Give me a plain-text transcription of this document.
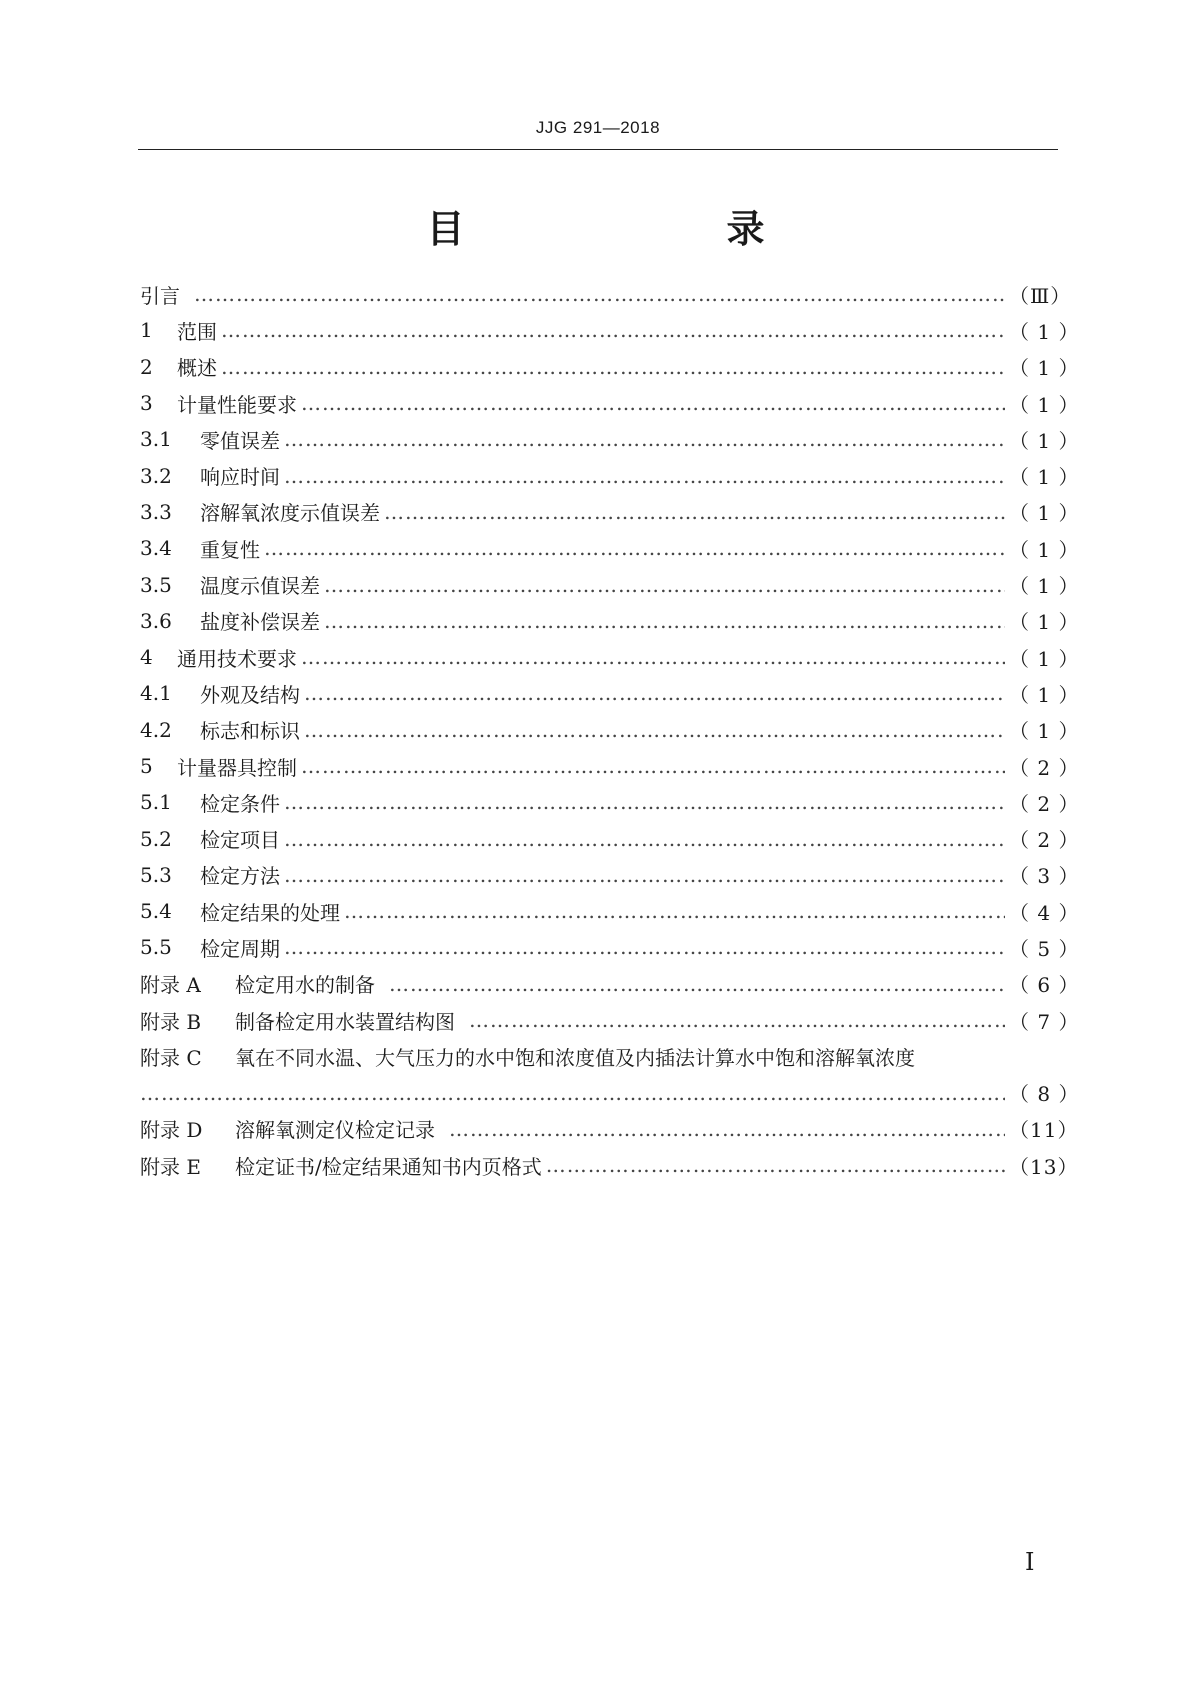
JJG 291—2018
目　　录
引言 ……………………………………………………………………………………………………………………………………………………………………………………………………………………	（Ⅲ）
1	范围 ……………………………………………………………………………………………………………………………………………………………………………………………………………………	（ 1 ）
2	概述 ……………………………………………………………………………………………………………………………………………………………………………………………………………………	（ 1 ）
3	计量性能要求 ……………………………………………………………………………………………………………………………………………………………………………………………………………………	（ 1 ）
3.1	零值误差 ……………………………………………………………………………………………………………………………………………………………………………………………………………………	（ 1 ）
3.2	响应时间 ……………………………………………………………………………………………………………………………………………………………………………………………………………………	（ 1 ）
3.3	溶解氧浓度示值误差 ……………………………………………………………………………………………………………………………………………………………………………………………………………………	（ 1 ）
3.4	重复性 ……………………………………………………………………………………………………………………………………………………………………………………………………………………	（ 1 ）
3.5	温度示值误差 ……………………………………………………………………………………………………………………………………………………………………………………………………………………	（ 1 ）
3.6	盐度补偿误差 ……………………………………………………………………………………………………………………………………………………………………………………………………………………	（ 1 ）
4	通用技术要求 ……………………………………………………………………………………………………………………………………………………………………………………………………………………	（ 1 ）
4.1	外观及结构 ……………………………………………………………………………………………………………………………………………………………………………………………………………………	（ 1 ）
4.2	标志和标识 ……………………………………………………………………………………………………………………………………………………………………………………………………………………	（ 1 ）
5	计量器具控制 ……………………………………………………………………………………………………………………………………………………………………………………………………………………	（ 2 ）
5.1	检定条件 ……………………………………………………………………………………………………………………………………………………………………………………………………………………	（ 2 ）
5.2	检定项目 ……………………………………………………………………………………………………………………………………………………………………………………………………………………	（ 2 ）
5.3	检定方法 ……………………………………………………………………………………………………………………………………………………………………………………………………………………	（ 3 ）
5.4	检定结果的处理 ……………………………………………………………………………………………………………………………………………………………………………………………………………………	（ 4 ）
5.5	检定周期 ……………………………………………………………………………………………………………………………………………………………………………………………………………………	（ 5 ）
附录 A	检定用水的制备 ……………………………………………………………………………………………………………………………………………………………………………………………………………………	（ 6 ）
附录 B	制备检定用水装置结构图 ……………………………………………………………………………………………………………………………………………………………………………………………………………………	（ 7 ）
附录 C	氧在不同水温、大气压力的水中饱和浓度值及内插法计算水中饱和溶解氧浓度
……………………………………………………………………………………………………………………………………………………………………………………………………………………
（ 8 ）
附录 D	溶解氧测定仪检定记录 ……………………………………………………………………………………………………………………………………………………………………………………………………………………	（11）
附录 E	检定证书/检定结果通知书内页格式 ……………………………………………………………………………………………………………………………………………………………………………………………………………………	（13）
Ⅰ
